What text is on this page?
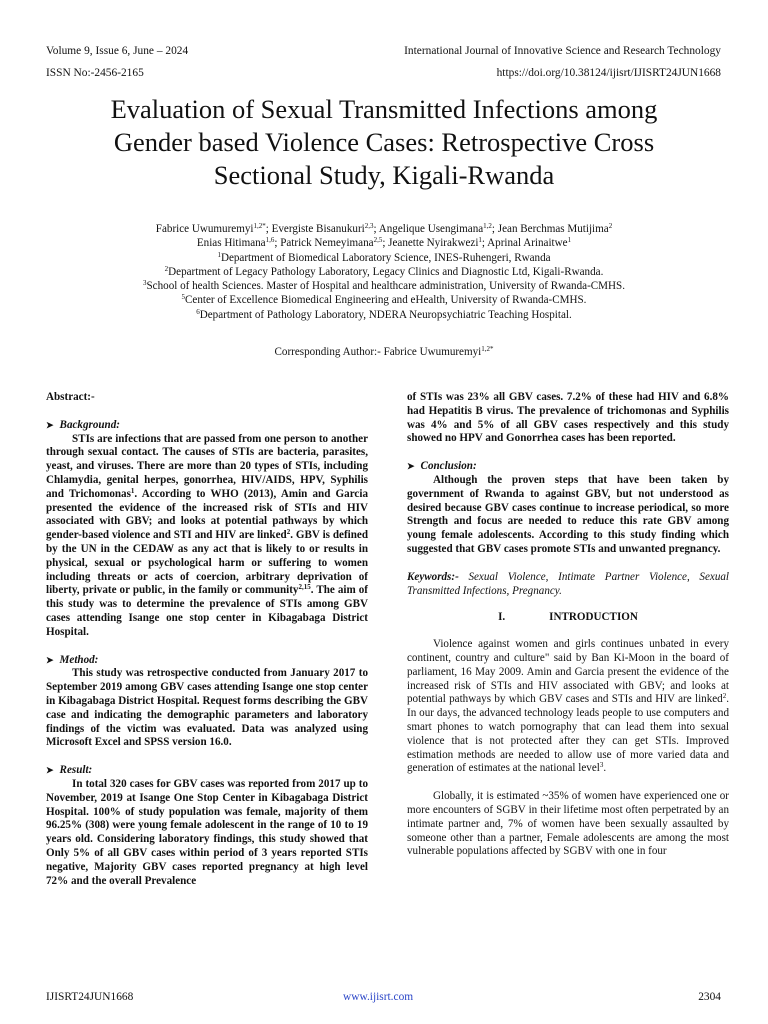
Volume 9, Issue 6, June – 2024
ISSN No:-2456-2165
International Journal of Innovative Science and Research Technology
https://doi.org/10.38124/ijisrt/IJISRT24JUN1668
Evaluation of Sexual Transmitted Infections among
Gender based Violence Cases: Retrospective Cross
Sectional Study, Kigali-Rwanda
Fabrice Uwumuremyi$^{1,2*}$; Evergiste Bisanukuri$^{2,3}$; Angelique Usengimana$^{1,2}$; Jean Berchmas Mutijima$^2$
Enias Hitimana$^{1,6}$; Patrick Nemeyimana$^{2,5}$; Jeanette Nyirakwezi$^1$; Aprinal Arinaitwe$^1$
$^1$Department of Biomedical Laboratory Science, INES-Ruhengeri, Rwanda
$^2$Department of Legacy Pathology Laboratory, Legacy Clinics and Diagnostic Ltd, Kigali-Rwanda.
$^3$School of health Sciences. Master of Hospital and healthcare administration, University of Rwanda-CMHS.
$^5$Center of Excellence Biomedical Engineering and eHealth, University of Rwanda-CMHS.
$^6$Department of Pathology Laboratory, NDERA Neuropsychiatric Teaching Hospital.
Corresponding Author:- Fabrice Uwumuremyi$^{1,2*}$
Abstract:-
➤ Background:
STIs are infections that are passed from one person to another through sexual contact. The causes of STIs are bacteria, parasites, yeast, and viruses. There are more than 20 types of STIs, including Chlamydia, genital herpes, gonorrhea, HIV/AIDS, HPV, Syphilis and Trichomonas$^1$. According to WHO (2013), Amin and Garcia presented the evidence of the increased risk of STIs and HIV associated with GBV; and looks at potential pathways by which gender-based violence and STI and HIV are linked$^2$. GBV is defined by the UN in the CEDAW as any act that is likely to or results in physical, sexual or psychological harm or suffering to women including threats or acts of coercion, arbitrary deprivation of liberty, private or public, in the family or community$^{2,15}$. The aim of this study was to determine the prevalence of STIs among GBV cases attending Isange one stop center in Kibagabaga District Hospital.
➤ Method:
This study was retrospective conducted from January 2017 to September 2019 among GBV cases attending Isange one stop center in Kibagabaga District Hospital. Request forms describing the GBV case and indicating the demographic parameters and laboratory findings of the victim was evaluated. Data was analyzed using Microsoft Excel and SPSS version 16.0.
➤ Result:
In total 320 cases for GBV cases was reported from 2017 up to November, 2019 at Isange One Stop Center in Kibagabaga District Hospital. 100% of study population was female, majority of them 96.25% (308) were young female adolescent in the range of 10 to 19 years old. Considering laboratory findings, this study showed that Only 5% of all GBV cases within period of 3 years reported STIs negative, Majority GBV cases reported pregnancy at high level 72% and the overall Prevalence
of STIs was 23% all GBV cases. 7.2% of these had HIV and 6.8% had Hepatitis B virus. The prevalence of trichomonas and Syphilis was 4% and 5% of all GBV cases respectively and this study showed no HPV and Gonorrhea cases has been reported.
➤ Conclusion:
Although the proven steps that have been taken by government of Rwanda to against GBV, but not understood as desired because GBV cases continue to increase periodical, so more Strength and focus are needed to reduce this rate GBV among young female adolescents. According to this study finding which suggested that GBV cases promote STIs and unwanted pregnancy.
Keywords:- Sexual Violence, Intimate Partner Violence, Sexual Transmitted Infections, Pregnancy.
I.	INTRODUCTION
Violence against women and girls continues unbated in every continent, country and culture" said by Ban Ki-Moon in the board of parliament, 16 May 2009. Amin and Garcia present the evidence of the increased risk of STIs and HIV associated with GBV; and looks at potential pathways by which GBV cases and STIs and HIV are linked$^2$. In our days, the advanced technology leads people to use computers and smart phones to watch pornography that can lead them into sexual violence that is not protected after they can get STIs. Improved estimation methods are needed to allow use of more varied data and generation of estimates at the national level$^3$.
Globally, it is estimated ~35% of women have experienced one or more encounters of SGBV in their lifetime most often perpetrated by an intimate partner and, 7% of women have been sexually assaulted by someone other than a partner, Female adolescents are among the most vulnerable populations affected by SGBV with one in four
IJISRT24JUN1668	www.ijisrt.com	2304
